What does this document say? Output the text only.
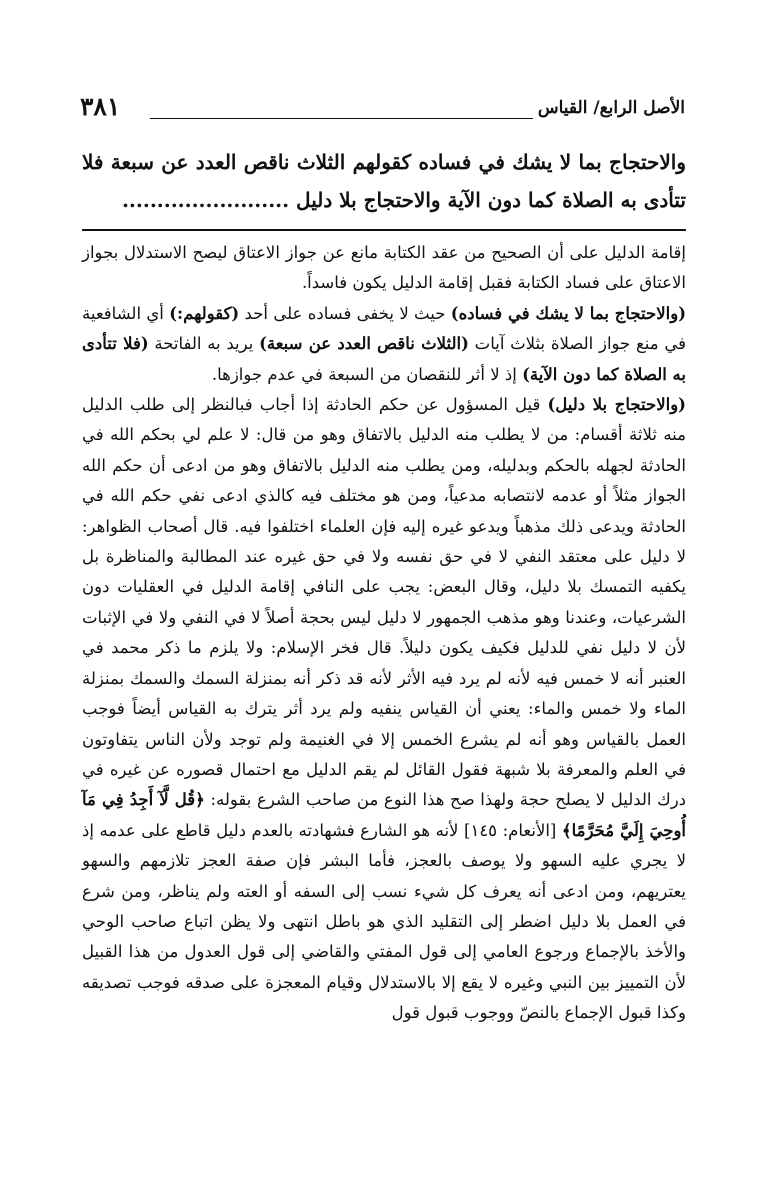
الأصل الرابع/ القياس
٣٨١

والاحتجاج بما لا يشك في فساده كقولهم الثلاث ناقص العدد عن سبعة فلا تتأدى به الصلاة كما دون الآية والاحتجاج بلا دليل ........................

إقامة الدليل على أن الصحيح من عقد الكتابة مانع عن جواز الاعتاق ليصح الاستدلال بجواز الاعتاق على فساد الكتابة فقبل إقامة الدليل يكون فاسداً.

(والاحتجاج بما لا يشك في فساده) حيث لا يخفى فساده على أحد (كقولهم:) أي الشافعية في منع جواز الصلاة بثلاث آيات (الثلاث ناقص العدد عن سبعة) يريد به الفاتحة (فلا تتأدى به الصلاة كما دون الآية) إذ لا أثر للنقصان من السبعة في عدم جوازها.

(والاحتجاج بلا دليل) قيل المسؤول عن حكم الحادثة إذا أجاب فبالنظر إلى طلب الدليل منه ثلاثة أقسام: من لا يطلب منه الدليل بالاتفاق وهو من قال: لا علم لي بحكم الله في الحادثة لجهله بالحكم وبدليله، ومن يطلب منه الدليل بالاتفاق وهو من ادعى أن حكم الله الجواز مثلاً أو عدمه لانتصابه مدعياً، ومن هو مختلف فيه كالذي ادعى نفي حكم الله في الحادثة ويدعى ذلك مذهباً ويدعو غيره إليه فإن العلماء اختلفوا فيه. قال أصحاب الظواهر: لا دليل على معتقد النفي لا في حق نفسه ولا في حق غيره عند المطالبة والمناظرة بل يكفيه التمسك بلا دليل، وقال البعض: يجب على النافي إقامة الدليل في العقليات دون الشرعيات، وعندنا وهو مذهب الجمهور لا دليل ليس بحجة أصلاً لا في النفي ولا في الإثبات لأن لا دليل نفي للدليل فكيف يكون دليلاً. قال فخر الإسلام: ولا يلزم ما ذكر محمد في العنبر أنه لا خمس فيه لأنه لم يرد فيه الأثر لأنه قد ذكر أنه بمنزلة السمك والسمك بمنزلة الماء ولا خمس والماء: يعني أن القياس ينفيه ولم يرد أثر يترك به القياس أيضاً فوجب العمل بالقياس وهو أنه لم يشرع الخمس إلا في الغنيمة ولم توجد ولأن الناس يتفاوتون في العلم والمعرفة بلا شبهة فقول القائل لم يقم الدليل مع احتمال قصوره عن غيره في درك الدليل لا يصلح حجة ولهذا صح هذا النوع من صاحب الشرع بقوله: ﴿قُل لَّآ أَجِدُ فِي مَآ أُوحِيَ إِلَيَّ مُحَرَّمًا﴾ [الأنعام: ١٤٥] لأنه هو الشارع فشهادته بالعدم دليل قاطع على عدمه إذ لا يجري عليه السهو ولا يوصف بالعجز، فأما البشر فإن صفة العجز تلازمهم والسهو يعتريهم، ومن ادعى أنه يعرف كل شيء نسب إلى السفه أو العته ولم يناظر، ومن شرع في العمل بلا دليل اضطر إلى التقليد الذي هو باطل انتهى ولا يظن اتباع صاحب الوحي والأخذ بالإجماع ورجوع العامي إلى قول المفتي والقاضي إلى قول العدول من هذا القبيل لأن التمييز بين النبي وغيره لا يقع إلا بالاستدلال وقيام المعجزة على صدقه فوجب تصديقه وكذا قبول الإجماع بالنصّ ووجوب قبول قول
